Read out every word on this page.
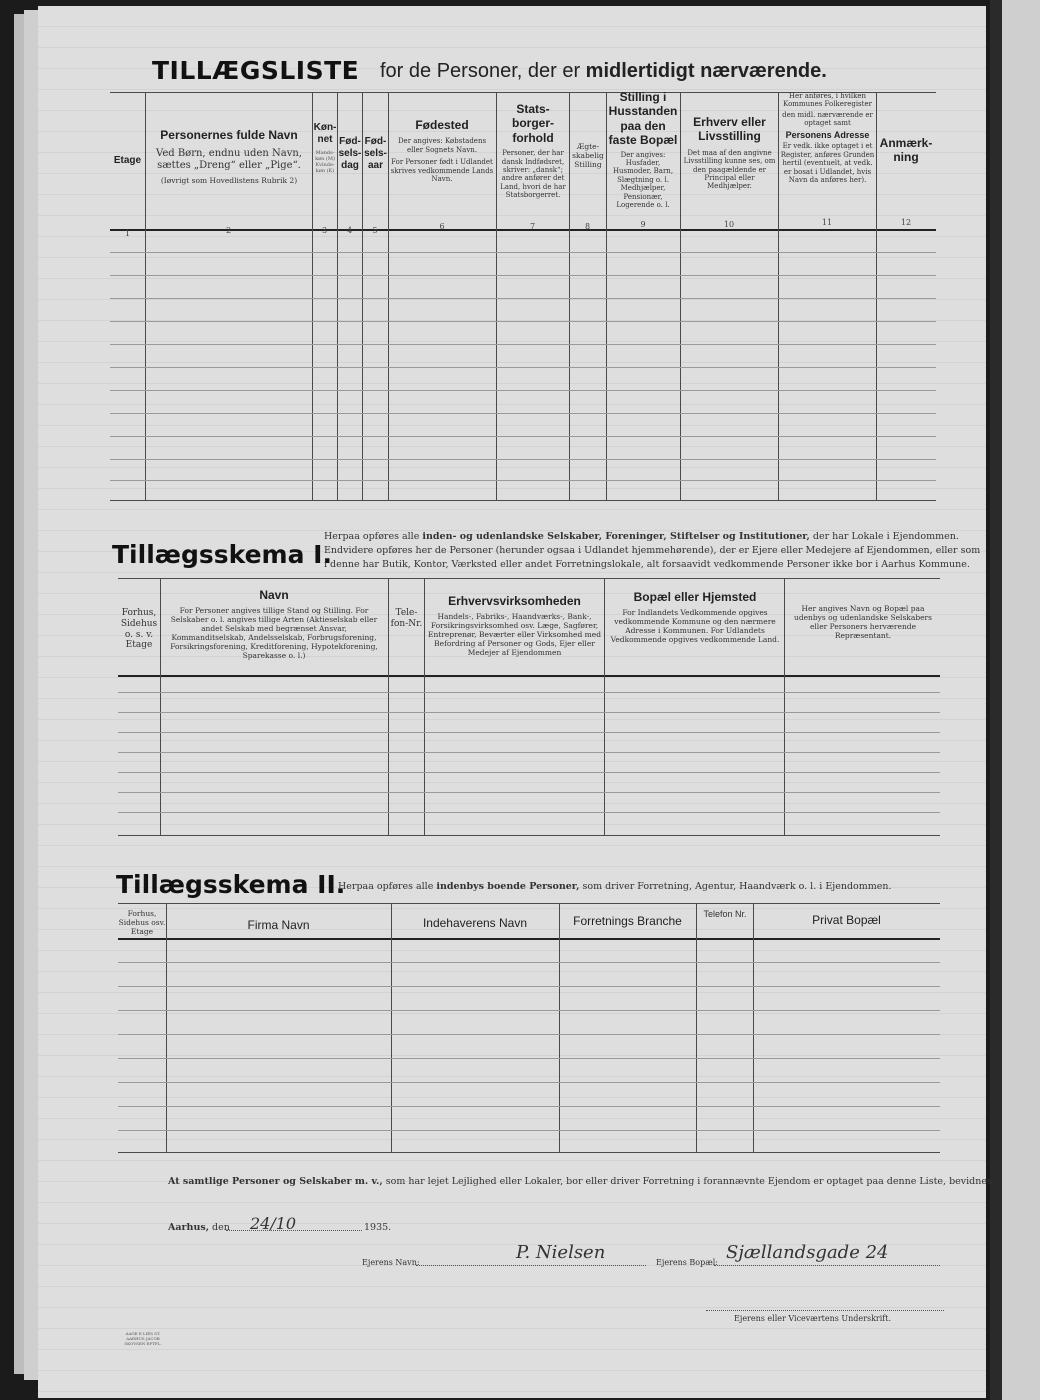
TILLÆGSLISTE for de Personer, der er midlertidigt nærværende.
Etage
Personernes fulde Navn
Ved Børn, endnu uden Navn, sættes „Dreng“ eller „Pige“.
(Iøvrigt som Hovedlistens Rubrik 2)
Køn-net
Mands-køn (M) Kvinde-køn (K)
Fød-sels-dag
Fød-sels-aar
Fødested
Der angives: Købstadens eller Sognets Navn.
For Personer født i Udlandet skrives vedkommende Lands Navn.
Stats-borger-forhold
Personer, der har dansk Indfødsret, skriver: „dansk“; andre anfører det Land, hvori de har Statsborgerret.
Ægte-skabelig Stilling
Stilling i Husstanden paa den faste Bopæl
Der angives: Husfader, Husmoder, Barn, Slægtning o. l. Medhjælper, Pensionær, Logerende o. l.
Erhverv eller Livsstilling
Det maa af den angivne Livsstilling kunne ses, om den paagældende er Principal eller Medhjælper.
Her anføres, i hvilken Kommunes Folkeregister
den midl. nærværende er optaget samt
Personens Adresse
Er vedk. ikke optaget i et Register, anføres Grunden hertil (eventuelt, at vedk. er bosat i Udlandet, hvis Navn da anføres her).
Anmærk-ning
1	2	3	4	5	6	7	8	9	10	11	12
Tillægsskema I.
Herpaa opføres alle inden- og udenlandske Selskaber, Foreninger, Stiftelser og Institutioner, der har Lokale i Ejendommen.
Endvidere opføres her de Personer (herunder ogsaa i Udlandet hjemmehørende), der er Ejere eller Medejere af Ejendommen, eller som
i denne har Butik, Kontor, Værksted eller andet Forretningslokale, alt forsaavidt vedkommende Personer ikke bor i Aarhus Kommune.
Forhus, Sidehus o. s. v. Etage
Navn
For Personer angives tillige Stand og Stilling. For Selskaber o. l. angives tillige Arten (Aktieselskab eller andet Selskab med begrænset Ansvar, Kommanditselskab, Andelsselskab, Forbrugsforening, Forsikringsforening, Kreditforening, Hypotekforening, Sparekasse o. l.)
Tele-fon-Nr.
Erhvervsvirksomheden
Handels-, Fabriks-, Haandværks-, Bank-, Forsikringsvirksomhed osv. Læge, Sagfører, Entreprenør, Beværter eller Virksomhed med Befordring af Personer og Gods, Ejer eller Medejer af Ejendommen
Bopæl eller Hjemsted
For Indlandets Vedkommende opgives vedkommende Kommune og den nærmere Adresse i Kommunen. For Udlandets Vedkommende opgives vedkommende Land.
Her angives Navn og Bopæl paa udenbys og udenlandske Selskabers eller Personers herværende Repræsentant.
Tillægsskema II.
Herpaa opføres alle indenbys boende Personer, som driver Forretning, Agentur, Haandværk o. l. i Ejendommen.
Forhus, Sidehus osv. Etage	Firma Navn	Indehaverens Navn	Forretnings Branche	Telefon Nr.	Privat Bopæl
At samtlige Personer og Selskaber m. v., som har lejet Lejlighed eller Lokaler, bor eller driver Forretning i forannævnte Ejendom er optaget paa denne Liste, bevidnes.
Aarhus, den 24/10	1935.
Ejerens Navn:	P. Nielsen	Ejerens Bopæl: Sjællandsgade 24
Ejerens eller Viceværtens Underskrift.
AAGE E LIES ST. AARHUS JACOB SKOVSEN EFTFL.
